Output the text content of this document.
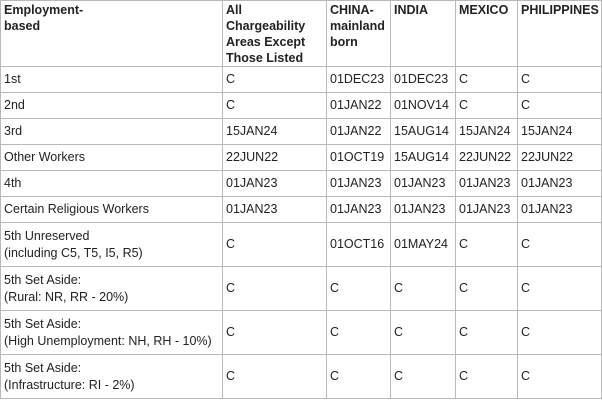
Employment-
based	All Chargeability
Areas Except
Those Listed	CHINA-
mainland
born	INDIA	MEXICO	PHILIPPINES

1st	C	01DEC23	01DEC23	C	C
2nd	C	01JAN22	01NOV14	C	C
3rd	15JAN24	01JAN22	15AUG14	15JAN24	15JAN24
Other Workers	22JUN22	01OCT19	15AUG14	22JUN22	22JUN22
4th	01JAN23	01JAN23	01JAN23	01JAN23	01JAN23
Certain Religious Workers	01JAN23	01JAN23	01JAN23	01JAN23	01JAN23

5th Unreserved
(including C5, T5, I5, R5)	C	01OCT16	01MAY24	C	C

5th Set Aside:
(Rural: NR, RR - 20%)	C	C	C	C	C

5th Set Aside:
(High Unemployment: NH, RH - 10%)	C	C	C	C	C

5th Set Aside:
(Infrastructure: RI - 2%)	C	C	C	C	C
